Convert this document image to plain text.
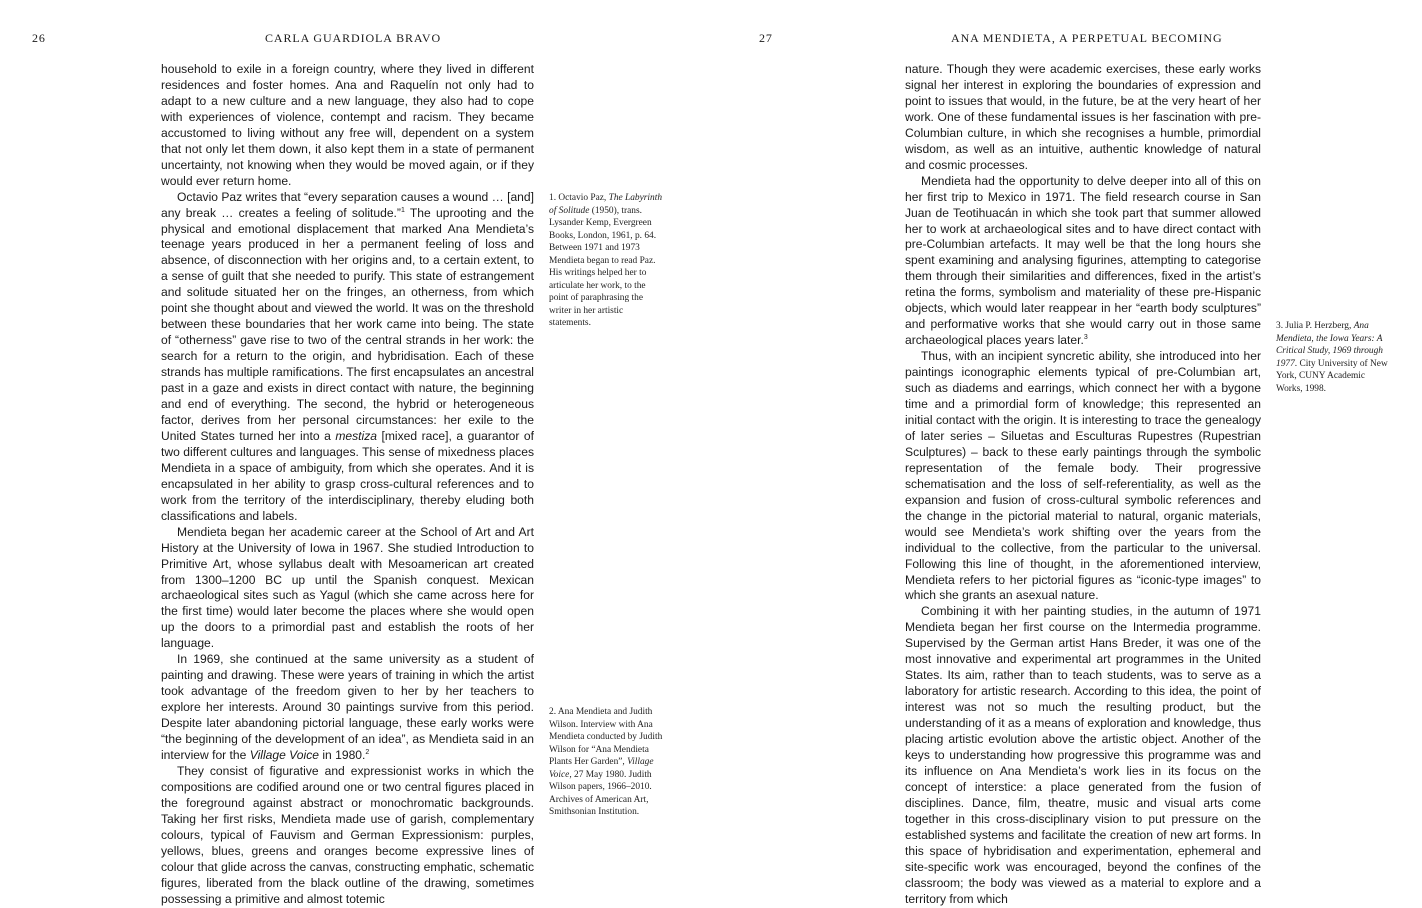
26	CARLA GUARDIOLA BRAVO

household to exile in a foreign country, where they lived in different residences and foster homes. Ana and Raquelín not only had to adapt to a new culture and a new language, they also had to cope with experiences of violence, contempt and racism. They became accustomed to living without any free will, dependent on a system that not only let them down, it also kept them in a state of permanent uncertainty, not knowing when they would be moved again, or if they would ever return home.

Octavio Paz writes that “every separation causes a wound … [and] any break … creates a feeling of solitude.”$^1$ The uprooting and the physical and emotional displacement that marked Ana Mendieta’s teenage years produced in her a permanent feeling of loss and absence, of disconnection with her origins and, to a certain extent, to a sense of guilt that she needed to purify. This state of estrangement and solitude situated her on the fringes, an otherness, from which point she thought about and viewed the world. It was on the threshold between these boundaries that her work came into being. The state of “otherness” gave rise to two of the central strands in her work: the search for a return to the origin, and hybridisation. Each of these strands has multiple ramifications. The first encapsulates an ancestral past in a gaze and exists in direct contact with nature, the beginning and end of everything. The second, the hybrid or heterogeneous factor, derives from her personal circumstances: her exile to the United States turned her into a mestiza [mixed race], a guarantor of two different cultures and languages. This sense of mixedness places Mendieta in a space of ambiguity, from which she operates. And it is encapsulated in her ability to grasp cross-cultural references and to work from the territory of the interdisciplinary, thereby eluding both classifications and labels.

Mendieta began her academic career at the School of Art and Art History at the University of Iowa in 1967. She studied Introduction to Primitive Art, whose syllabus dealt with Mesoamerican art created from 1300–1200 BC up until the Spanish conquest. Mexican archaeological sites such as Yagul (which she came across here for the first time) would later become the places where she would open up the doors to a primordial past and establish the roots of her language.

In 1969, she continued at the same university as a student of painting and drawing. These were years of training in which the artist took advantage of the freedom given to her by her teachers to explore her interests. Around 30 paintings survive from this period. Despite later abandoning pictorial language, these early works were “the beginning of the development of an idea”, as Mendieta said in an interview for the Village Voice in 1980.$^2$

They consist of figurative and expressionist works in which the compositions are codified around one or two central figures placed in the foreground against abstract or monochromatic backgrounds. Taking her first risks, Mendieta made use of garish, complementary colours, typical of Fauvism and German Expressionism: purples, yellows, blues, greens and oranges become expressive lines of colour that glide across the canvas, constructing emphatic, schematic figures, liberated from the black outline of the drawing, sometimes possessing a primitive and almost totemic

1. Octavio Paz, The Labyrinth of Solitude (1950), trans. Lysander Kemp, Evergreen Books, London, 1961, p. 64. Between 1971 and 1973 Mendieta began to read Paz. His writings helped her to articulate her work, to the point of paraphrasing the writer in her artistic statements.
2. Ana Mendieta and Judith Wilson. Interview with Ana Mendieta conducted by Judith Wilson for “Ana Mendieta Plants Her Garden”, Village Voice, 27 May 1980. Judith Wilson papers, 1966–2010. Archives of American Art, Smithsonian Institution.
27	ANA MENDIETA, A PERPETUAL BECOMING

nature. Though they were academic exercises, these early works signal her interest in exploring the boundaries of expression and point to issues that would, in the future, be at the very heart of her work. One of these fundamental issues is her fascination with pre-Columbian culture, in which she recognises a humble, primordial wisdom, as well as an intuitive, authentic knowledge of natural and cosmic processes.

Mendieta had the opportunity to delve deeper into all of this on her first trip to Mexico in 1971. The field research course in San Juan de Teotihuacán in which she took part that summer allowed her to work at archaeological sites and to have direct contact with pre-Columbian artefacts. It may well be that the long hours she spent examining and analysing figurines, attempting to categorise them through their similarities and differences, fixed in the artist’s retina the forms, symbolism and materiality of these pre-Hispanic objects, which would later reappear in her “earth body sculptures” and performative works that she would carry out in those same archaeological places years later.$^3$

Thus, with an incipient syncretic ability, she introduced into her paintings iconographic elements typical of pre-Columbian art, such as diadems and earrings, which connect her with a bygone time and a primordial form of knowledge; this represented an initial contact with the origin. It is interesting to trace the genealogy of later series – Siluetas and Esculturas Rupestres (Rupestrian Sculptures) – back to these early paintings through the symbolic representation of the female body. Their progressive schematisation and the loss of self-referentiality, as well as the expansion and fusion of cross-cultural symbolic references and the change in the pictorial material to natural, organic materials, would see Mendieta’s work shifting over the years from the individual to the collective, from the particular to the universal. Following this line of thought, in the aforementioned interview, Mendieta refers to her pictorial figures as “iconic-type images” to which she grants an asexual nature.

Combining it with her painting studies, in the autumn of 1971 Mendieta began her first course on the Intermedia programme. Supervised by the German artist Hans Breder, it was one of the most innovative and experimental art programmes in the United States. Its aim, rather than to teach students, was to serve as a laboratory for artistic research. According to this idea, the point of interest was not so much the resulting product, but the understanding of it as a means of exploration and knowledge, thus placing artistic evolution above the artistic object. Another of the keys to understanding how progressive this programme was and its influence on Ana Mendieta’s work lies in its focus on the concept of interstice: a place generated from the fusion of disciplines. Dance, film, theatre, music and visual arts come together in this cross-disciplinary vision to put pressure on the established systems and facilitate the creation of new art forms. In this space of hybridisation and experimentation, ephemeral and site-specific work was encouraged, beyond the confines of the classroom; the body was viewed as a material to explore and a territory from which

3. Julia P. Herzberg, Ana Mendieta, the Iowa Years: A Critical Study, 1969 through 1977. City University of New York, CUNY Academic Works, 1998.
